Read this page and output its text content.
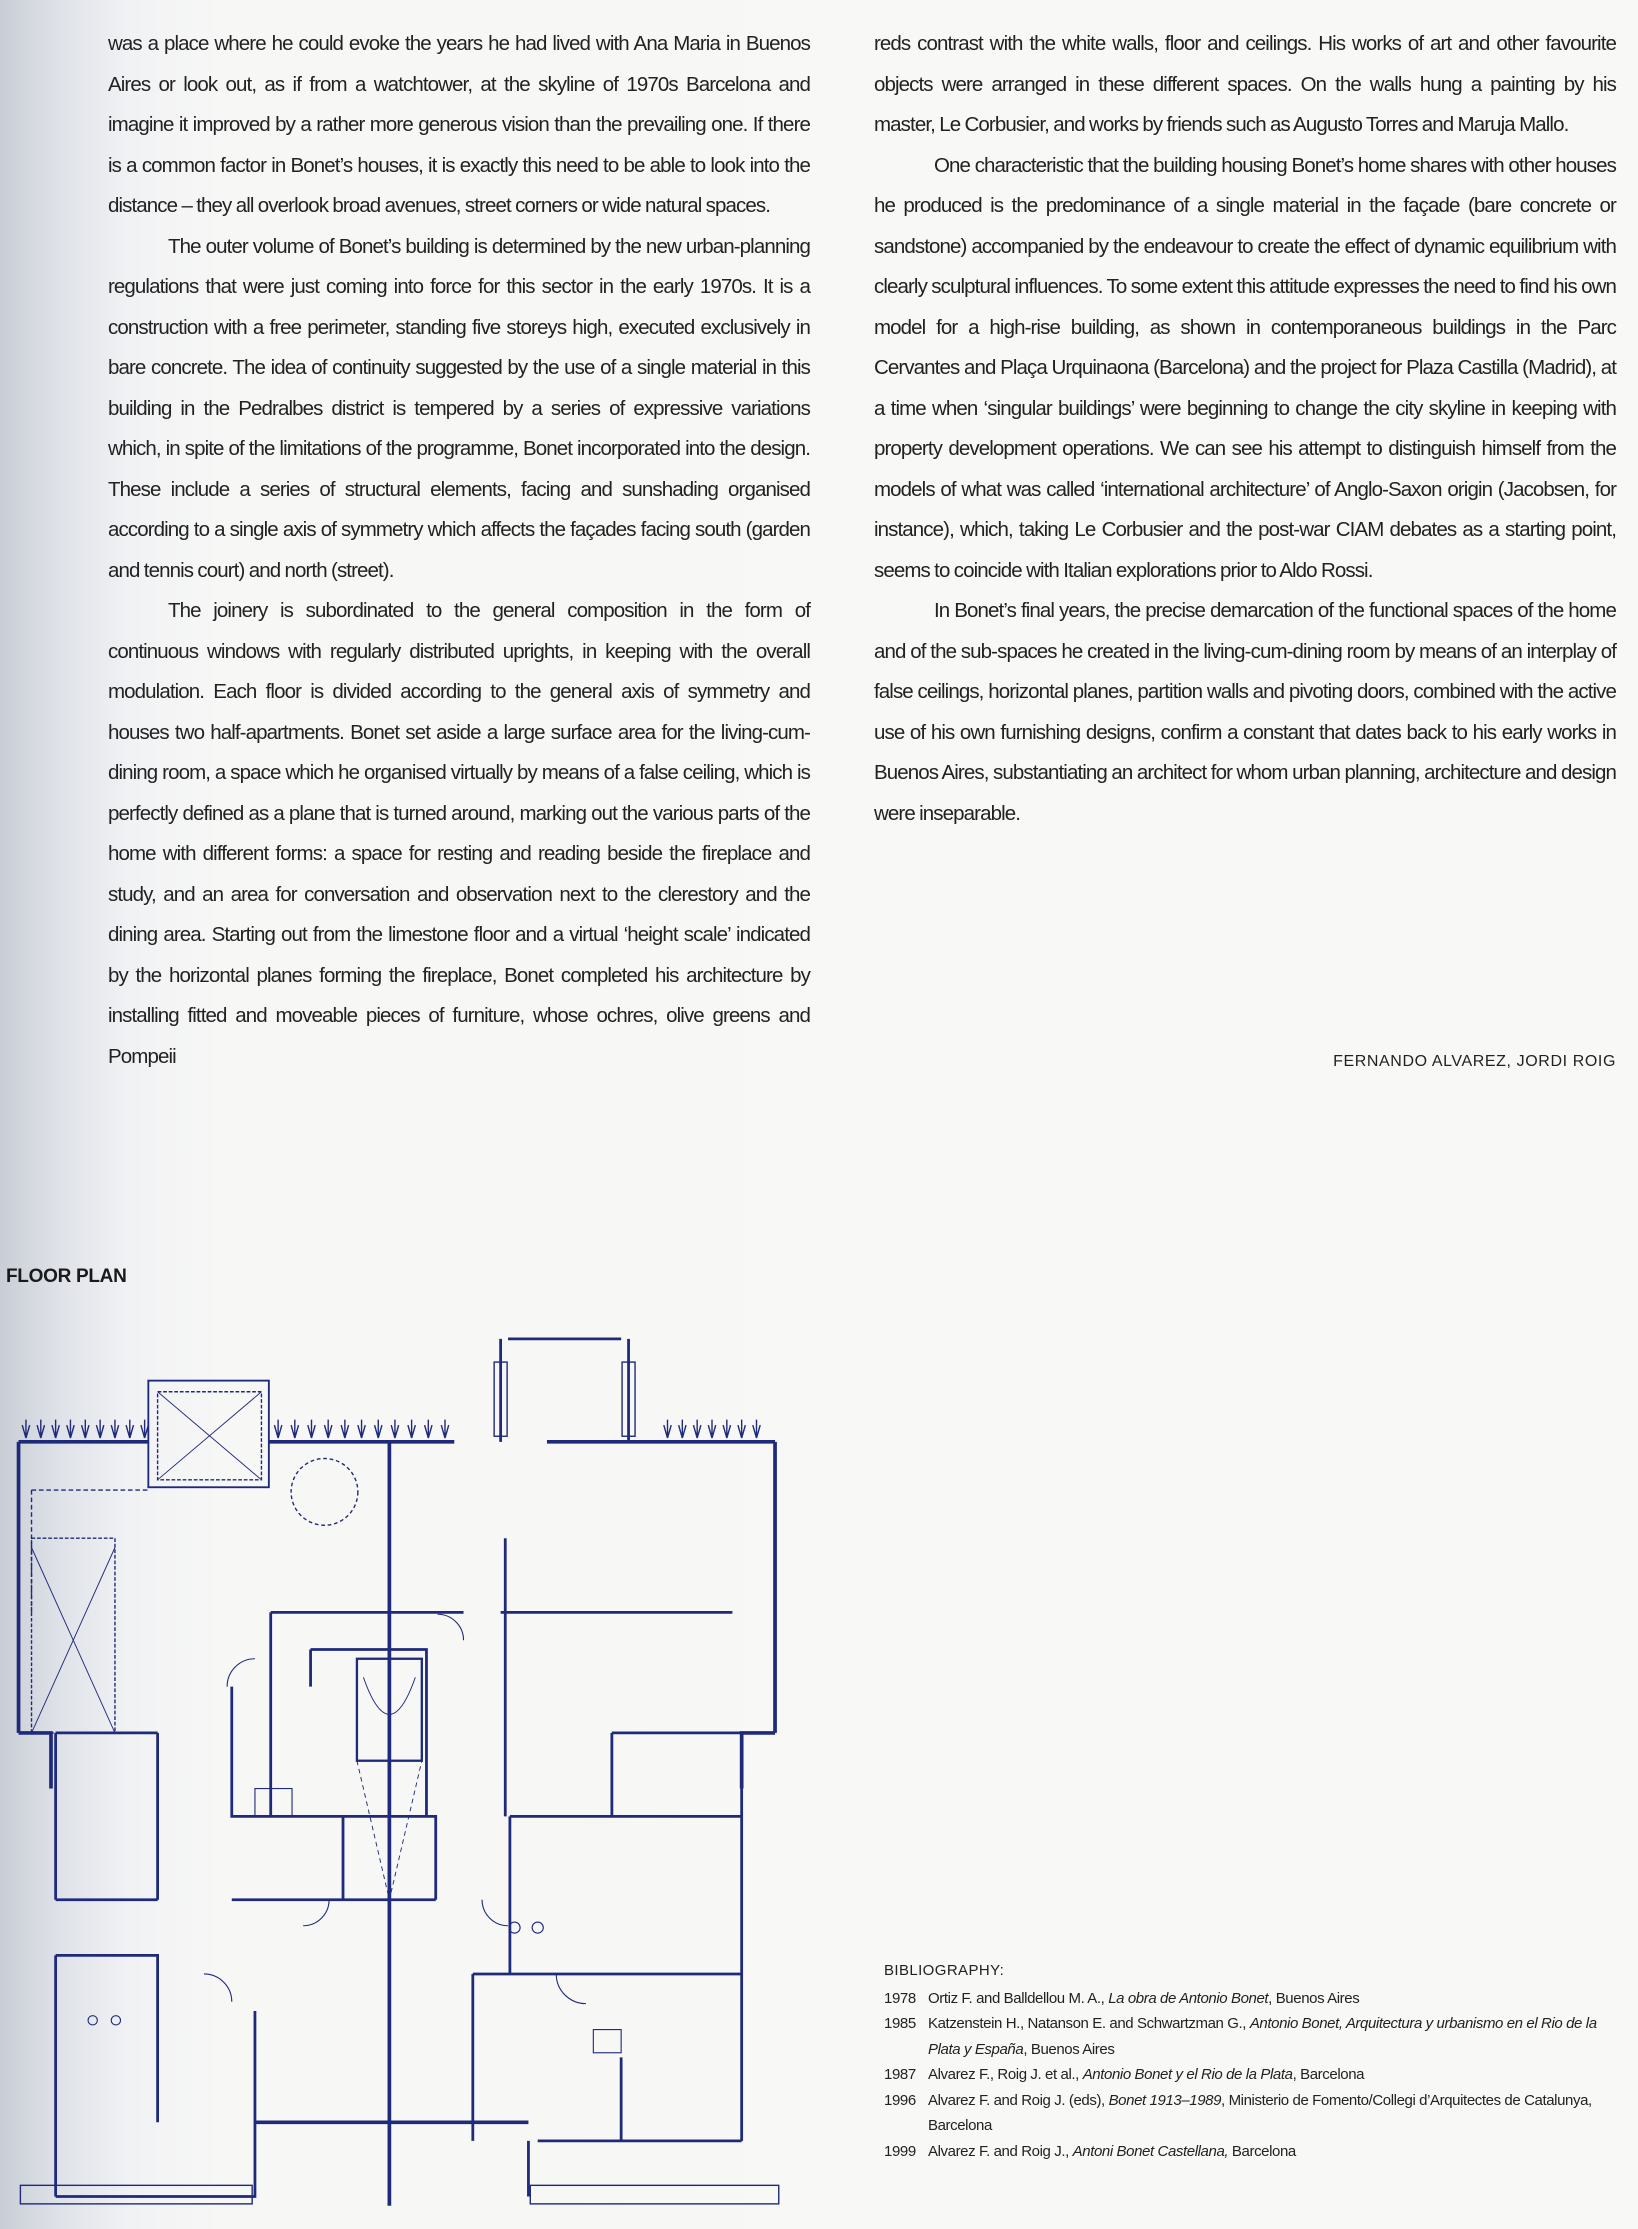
was a place where he could evoke the years he had lived with Ana Maria in Buenos Aires or look out, as if from a watchtower, at the skyline of 1970s Barcelona and imagine it improved by a rather more generous vision than the prevailing one. If there is a common factor in Bonet’s houses, it is exactly this need to be able to look into the distance – they all overlook broad avenues, street corners or wide natural spaces.

The outer volume of Bonet’s building is determined by the new urban-planning regulations that were just coming into force for this sector in the early 1970s. It is a construction with a free perimeter, standing five storeys high, executed exclusively in bare concrete. The idea of continuity suggested by the use of a single material in this building in the Pedralbes district is tempered by a series of expressive variations which, in spite of the limitations of the programme, Bonet incorporated into the design. These include a series of structural elements, facing and sunshading organised according to a single axis of symmetry which affects the façades facing south (garden and tennis court) and north (street).

The joinery is subordinated to the general composition in the form of continuous windows with regularly distributed uprights, in keeping with the overall modulation. Each floor is divided according to the general axis of symmetry and houses two half-apartments. Bonet set aside a large surface area for the living-cum-dining room, a space which he organised virtually by means of a false ceiling, which is perfectly defined as a plane that is turned around, marking out the various parts of the home with different forms: a space for resting and reading beside the fireplace and study, and an area for conversation and observation next to the clerestory and the dining area. Starting out from the limestone floor and a virtual ‘height scale’ indicated by the horizontal planes forming the fireplace, Bonet completed his architecture by installing fitted and moveable pieces of furniture, whose ochres, olive greens and Pompeii

reds contrast with the white walls, floor and ceilings. His works of art and other favourite objects were arranged in these different spaces. On the walls hung a painting by his master, Le Corbusier, and works by friends such as Augusto Torres and Maruja Mallo.

One characteristic that the building housing Bonet’s home shares with other houses he produced is the predominance of a single material in the façade (bare concrete or sandstone) accompanied by the endeavour to create the effect of dynamic equilibrium with clearly sculptural influences. To some extent this attitude expresses the need to find his own model for a high-rise building, as shown in contemporaneous buildings in the Parc Cervantes and Plaça Urquinaona (Barcelona) and the project for Plaza Castilla (Madrid), at a time when ‘singular buildings’ were beginning to change the city skyline in keeping with property development operations. We can see his attempt to distinguish himself from the models of what was called ‘international architecture’ of Anglo-Saxon origin (Jacobsen, for instance), which, taking Le Corbusier and the post-war CIAM debates as a starting point, seems to coincide with Italian explorations prior to Aldo Rossi.

In Bonet’s final years, the precise demarcation of the functional spaces of the home and of the sub-spaces he created in the living-cum-dining room by means of an interplay of false ceilings, horizontal planes, partition walls and pivoting doors, combined with the active use of his own furnishing designs, confirm a constant that dates back to his early works in Buenos Aires, substantiating an architect for whom urban planning, architecture and design were inseparable.

FERNANDO ALVAREZ, JORDI ROIG
FLOOR PLAN
BIBLIOGRAPHY:
1978 Ortiz F. and Balldellou M. A., La obra de Antonio Bonet, Buenos Aires
1985 Katzenstein H., Natanson E. and Schwartzman G., Antonio Bonet, Arquitectura y urbanismo en el Rio de la Plata y España, Buenos Aires
1987 Alvarez F., Roig J. et al., Antonio Bonet y el Rio de la Plata, Barcelona
1996 Alvarez F. and Roig J. (eds), Bonet 1913–1989, Ministerio de Fomento/Collegi d’Arquitectes de Catalunya, Barcelona
1999 Alvarez F. and Roig J., Antoni Bonet Castellana, Barcelona
